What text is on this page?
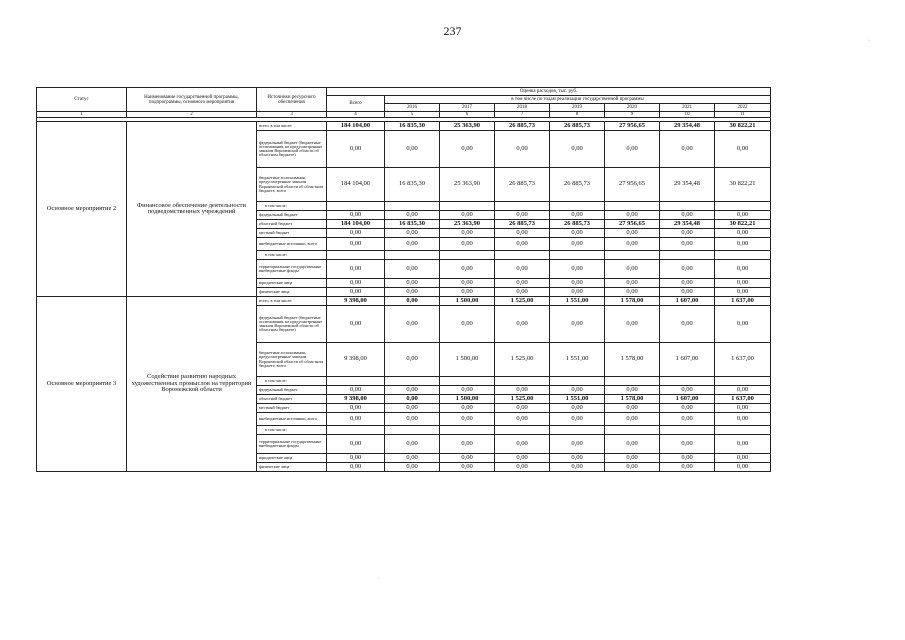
237
Статус	Наименование государственной программы, подпрограммы, основного мероприятия	Источники ресурсного обеспечения	Оценка расходов, тыс. руб.							
			Всего	в том числе по годам реализации государственной программы						
				2016	2017	2018	2019	2020	2021	2022
1	2	3	4	5	6	7	8	9	10	11

Основное мероприятие 2	Финансовое обеспечение деятельности подведомственных учреждений	всего, в том числе:	184 104,00	16 835,30	25 363,90	26 885,73	26 885,73	27 956,65	29 354,48	30 822,21
		федеральный бюджет (бюджетные ассигнования, не предусмотренные законом Воронежской области об областном бюджете)	0,00	0,00	0,00	0,00	0,00	0,00	0,00	0,00
		бюджетные ассигнования, предусмотренные законом Воронежской области об областном бюджете, всего	184 104,00	16 835,30	25 363,90	26 885,73	26 885,73	27 956,65	29 354,48	30 822,21
		в том числе:								
		федеральный бюджет	0,00	0,00	0,00	0,00	0,00	0,00	0,00	0,00
		областной бюджет	184 104,00	16 835,30	25 363,90	26 885,73	26 885,73	27 956,65	29 354,48	30 822,21
		местный бюджет	0,00	0,00	0,00	0,00	0,00	0,00	0,00	0,00
		внебюджетные источники, всего	0,00	0,00	0,00	0,00	0,00	0,00	0,00	0,00
		в том числе:								
		территориальные государственные внебюджетные фонды	0,00	0,00	0,00	0,00	0,00	0,00	0,00	0,00
		юридические лица	0,00	0,00	0,00	0,00	0,00	0,00	0,00	0,00
		физические лица	0,00	0,00	0,00	0,00	0,00	0,00	0,00	0,00
Основное мероприятие 3	Содействие развитию народных художественных промыслов на территории Воронежской области	всего, в том числе:	9 398,00	0,00	1 500,00	1 525,00	1 551,00	1 578,00	1 607,00	1 637,00
		федеральный бюджет (бюджетные ассигнования, не предусмотренные законом Воронежской области об областном бюджете)	0,00	0,00	0,00	0,00	0,00	0,00	0,00	0,00
		бюджетные ассигнования, предусмотренные законом Воронежской области об областном бюджете, всего	9 398,00	0,00	1 500,00	1 525,00	1 551,00	1 578,00	1 607,00	1 637,00
		в том числе:								
		федеральный бюджет	0,00	0,00	0,00	0,00	0,00	0,00	0,00	0,00
		областной бюджет	9 398,00	0,00	1 500,00	1 525,00	1 551,00	1 578,00	1 607,00	1 637,00
		местный бюджет	0,00	0,00	0,00	0,00	0,00	0,00	0,00	0,00
		внебюджетные источники, всего	0,00	0,00	0,00	0,00	0,00	0,00	0,00	0,00
		в том числе:								
		территориальные государственные внебюджетные фонды	0,00	0,00	0,00	0,00	0,00	0,00	0,00	0,00
		юридические лица	0,00	0,00	0,00	0,00	0,00	0,00	0,00	0,00
		физические лица	0,00	0,00	0,00	0,00	0,00	0,00	0,00	0,00
·
·
